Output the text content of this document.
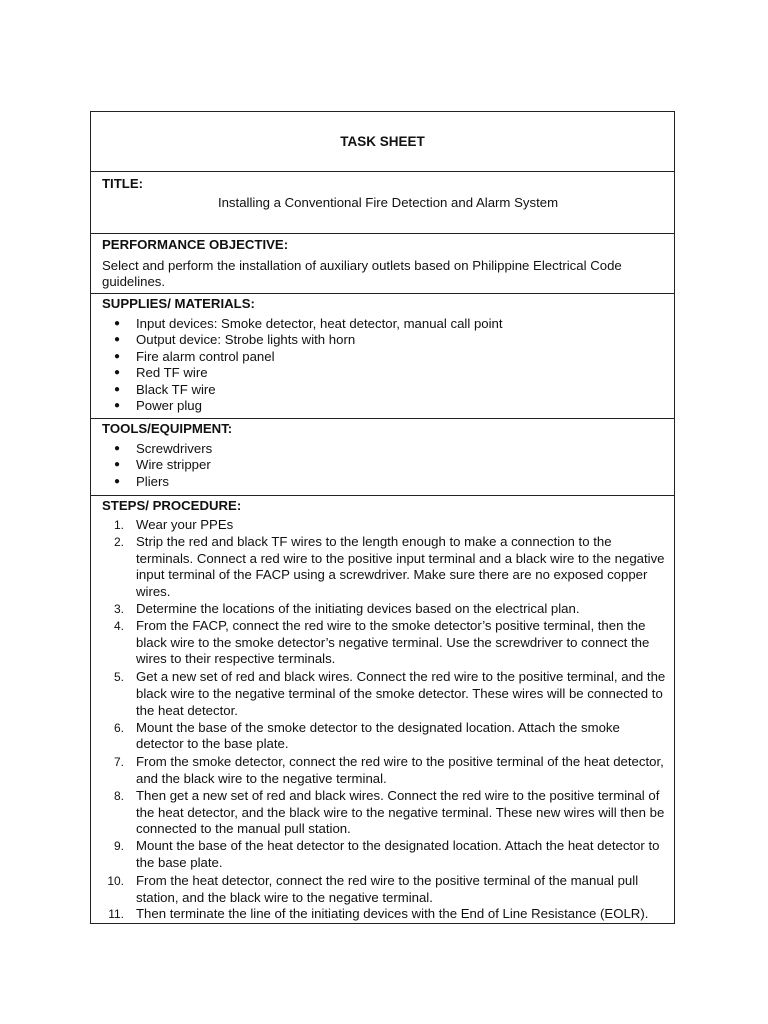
TASK SHEET
TITLE:
Installing a Conventional Fire Detection and Alarm System
PERFORMANCE OBJECTIVE:
Select and perform the installation of auxiliary outlets based on Philippine Electrical Code guidelines.
SUPPLIES/ MATERIALS:
● Input devices: Smoke detector, heat detector, manual call point
● Output device: Strobe lights with horn
● Fire alarm control panel
● Red TF wire
● Black TF wire
● Power plug
TOOLS/EQUIPMENT:
● Screwdrivers
● Wire stripper
● Pliers
STEPS/ PROCEDURE:
1. Wear your PPEs
2. Strip the red and black TF wires to the length enough to make a connection to the terminals. Connect a red wire to the positive input terminal and a black wire to the negative input terminal of the FACP using a screwdriver. Make sure there are no exposed copper wires.
3. Determine the locations of the initiating devices based on the electrical plan.
4. From the FACP, connect the red wire to the smoke detector’s positive terminal, then the black wire to the smoke detector’s negative terminal. Use the screwdriver to connect the wires to their respective terminals.
5. Get a new set of red and black wires. Connect the red wire to the positive terminal, and the black wire to the negative terminal of the smoke detector. These wires will be connected to the heat detector.
6. Mount the base of the smoke detector to the designated location. Attach the smoke detector to the base plate.
7. From the smoke detector, connect the red wire to the positive terminal of the heat detector, and the black wire to the negative terminal.
8. Then get a new set of red and black wires. Connect the red wire to the positive terminal of the heat detector, and the black wire to the negative terminal. These new wires will then be connected to the manual pull station.
9. Mount the base of the heat detector to the designated location. Attach the heat detector to the base plate.
10. From the heat detector, connect the red wire to the positive terminal of the manual pull station, and the black wire to the negative terminal.
11. Then terminate the line of the initiating devices with the End of Line Resistance (EOLR).
